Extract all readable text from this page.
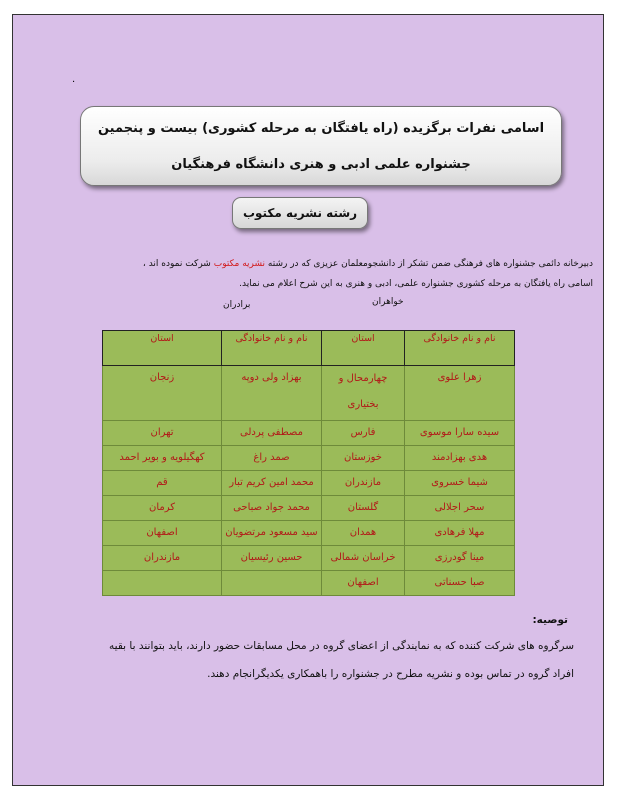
.
اسامی نفرات برگزیده (راه یافتگان به مرحله کشوری) بیست و پنجمین
جشنواره علمی ادبی و هنری دانشگاه فرهنگیان
رشته نشریه مکتوب
دبیرخانه دائمی جشنواره های فرهنگی ضمن تشکر از دانشجومعلمان عزیزی که در رشته نشریه مکتوب شرکت نموده اند ،
اسامی راه یافتگان به مرحله کشوری جشنواره علمی، ادبی و هنری به این شرح اعلام می نماید.
خواهران
برادران
نام و نام خانوادگی	استان	نام و نام خانوادگی	استان
زهرا علوی	چهارمحال و بختیاری	بهزاد ولی دوپه	زنجان
سیده سارا موسوی	فارس	مصطفی پردلی	تهران
هدی بهزادمند	خوزستان	صمد راغ	کهگیلویه و بویر احمد
شیما خسروی	مازندران	محمد امین کریم تبار	قم
سحر اجلالی	گلستان	محمد جواد صباحی	کرمان
مهلا فرهادی	همدان	سید مسعود مرتضویان	اصفهان
مینا گودرزی	خراسان شمالی	حسین رئیسیان	مازندران
صبا حسناتی	اصفهان		
توصیه:
سرگروه های شرکت کننده که به نمایندگی از اعضای گروه در محل مسابقات حضور دارند، باید بتوانند با بقیه
افراد گروه در تماس بوده و نشریه مطرح در جشنواره را باهمکاری یکدیگرانجام دهند.
